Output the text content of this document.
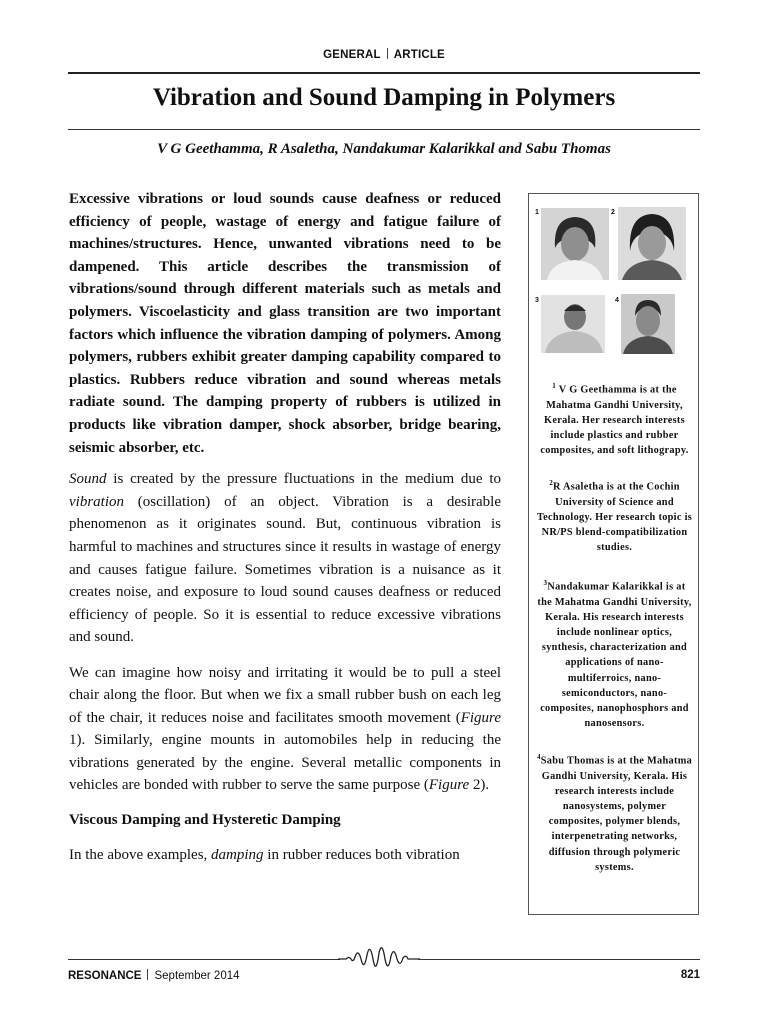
GENERAL ARTICLE
Vibration and Sound Damping in Polymers
V G Geethamma, R Asaletha, Nandakumar Kalarikkal and Sabu Thomas

Excessive vibrations or loud sounds cause deafness or reduced efficiency of people, wastage of energy and fatigue failure of machines/structures. Hence, unwanted vibrations need to be dampened. This article describes the transmission of vibrations/sound through different materials such as metals and polymers. Viscoelasticity and glass transition are two important factors which influence the vibration damping of polymers. Among polymers, rubbers exhibit greater damping capability compared to plastics. Rubbers reduce vibration and sound whereas metals radiate sound. The damping property of rubbers is utilized in products like vibration damper, shock absorber, bridge bearing, seismic absorber, etc.

Sound is created by the pressure fluctuations in the medium due to vibration (oscillation) of an object. Vibration is a desirable phenomenon as it originates sound. But, continuous vibration is harmful to machines and structures since it results in wastage of energy and causes fatigue failure. Sometimes vibration is a nuisance as it creates noise, and exposure to loud sound causes deafness or reduced efficiency of people. So it is essential to reduce excessive vibrations and sound.

We can imagine how noisy and irritating it would be to pull a steel chair along the floor. But when we fix a small rubber bush on each leg of the chair, it reduces noise and facilitates smooth movement (Figure 1). Similarly, engine mounts in automobiles help in reducing the vibrations generated by the engine. Several metallic components in vehicles are bonded with rubber to serve the same purpose (Figure 2).

Viscous Damping and Hysteretic Damping

In the above examples, damping in rubber reduces both vibration

1	2
3	4
$^1$ V G Geethamma is at the Mahatma Gandhi University, Kerala. Her research interests include plastics and rubber composites, and soft lithograpy.
$^2$R Asaletha is at the Cochin University of Science and Technology. Her research topic is NR/PS blend-compatibilization studies.
$^3$Nandakumar Kalarikkal is at the Mahatma Gandhi University, Kerala. His research interests include nonlinear optics, synthesis, characterization and applications of nano-multiferroics, nano-semiconductors, nano-composites, nanophosphors and nanosensors.
$^4$Sabu Thomas is at the Mahatma Gandhi University, Kerala. His research interests include nanosystems, polymer composites, polymer blends, interpenetrating networks, diffusion through polymeric systems.
RESONANCE September 2014	821
